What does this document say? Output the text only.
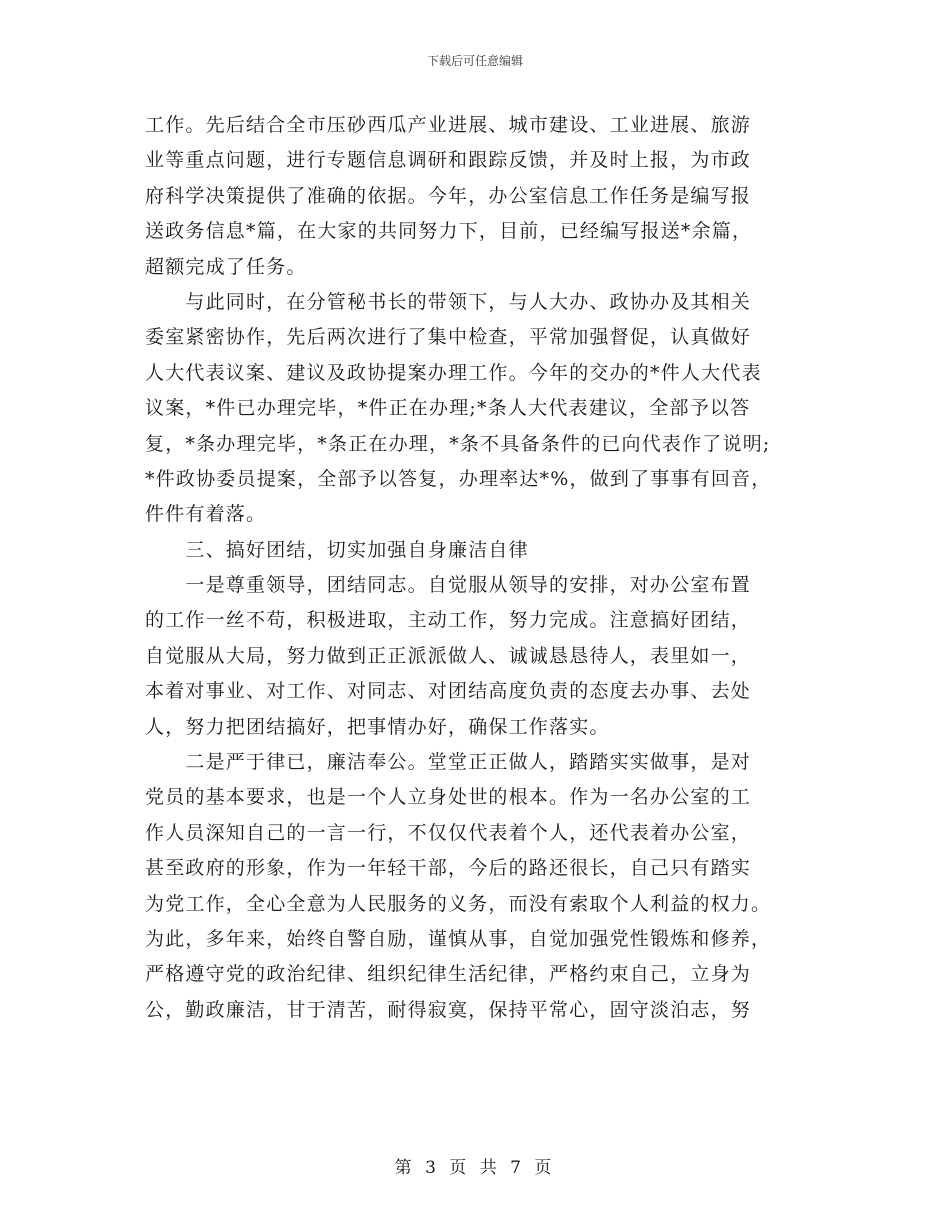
下载后可任意编辑
工作。先后结合全市压砂西瓜产业进展、城市建设、工业进展、旅游
业等重点问题，进行专题信息调研和跟踪反馈，并及时上报，为市政
府科学决策提供了准确的依据。今年，办公室信息工作任务是编写报
送政务信息*篇，在大家的共同努力下，目前，已经编写报送*余篇，
超额完成了任务。
　　与此同时，在分管秘书长的带领下，与人大办、政协办及其相关
委室紧密协作，先后两次进行了集中检查，平常加强督促，认真做好
人大代表议案、建议及政协提案办理工作。今年的交办的*件人大代表
议案，*件已办理完毕，*件正在办理;*条人大代表建议，全部予以答
复，*条办理完毕，*条正在办理，*条不具备条件的已向代表作了说明;
*件政协委员提案，全部予以答复，办理率达*%，做到了事事有回音，
件件有着落。
　　三、搞好团结，切实加强自身廉洁自律
　　一是尊重领导，团结同志。自觉服从领导的安排，对办公室布置
的工作一丝不苟，积极进取，主动工作，努力完成。注意搞好团结，
自觉服从大局，努力做到正正派派做人、诚诚恳恳待人，表里如一，
本着对事业、对工作、对同志、对团结高度负责的态度去办事、去处
人，努力把团结搞好，把事情办好，确保工作落实。
　　二是严于律已，廉洁奉公。堂堂正正做人，踏踏实实做事，是对
党员的基本要求，也是一个人立身处世的根本。作为一名办公室的工
作人员深知自己的一言一行，不仅仅代表着个人，还代表着办公室，
甚至政府的形象，作为一年轻干部，今后的路还很长，自己只有踏实
为党工作，全心全意为人民服务的义务，而没有索取个人利益的权力。
为此，多年来，始终自警自励，谨慎从事，自觉加强党性锻炼和修养，
严格遵守党的政治纪律、组织纪律生活纪律，严格约束自己，立身为
公，勤政廉洁，甘于清苦，耐得寂寞，保持平常心，固守淡泊志，努
第 3 页 共 7 页
